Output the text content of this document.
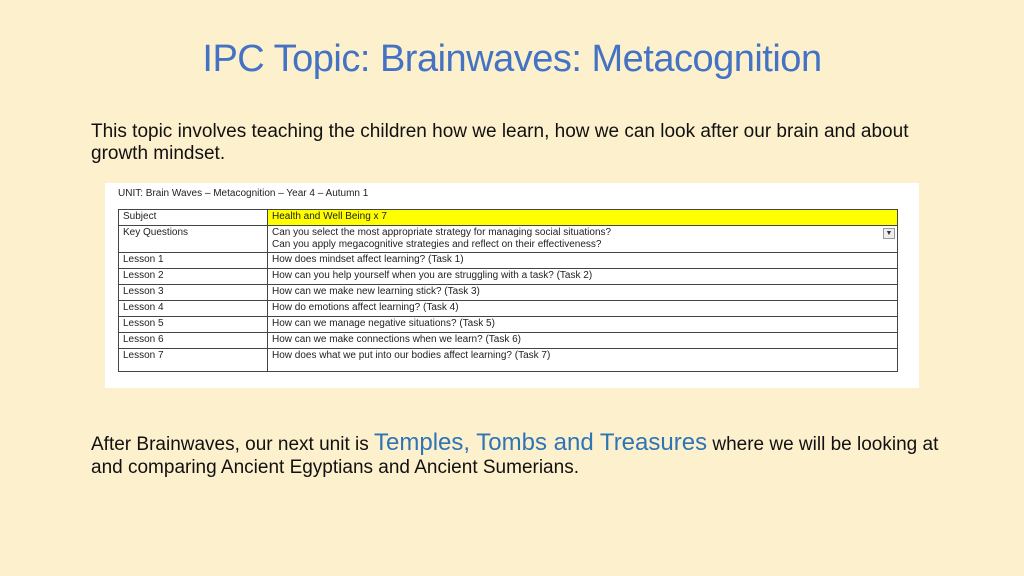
IPC Topic: Brainwaves: Metacognition
This topic involves teaching the children how we learn, how we can look after our brain and about growth mindset.
UNIT: Brain Waves – Metacognition – Year 4 – Autumn 1
Subject	Health and Well Being x 7
Key Questions	Can you select the most appropriate strategy for managing social situations?
Can you apply megacognitive strategies and reflect on their effectiveness?
▼

Lesson 1	How does mindset affect learning? (Task 1)
Lesson 2	How can you help yourself when you are struggling with a task? (Task 2)
Lesson 3	How can we make new learning stick? (Task 3)
Lesson 4	How do emotions affect learning? (Task 4)
Lesson 5	How can we manage negative situations? (Task 5)
Lesson 6	How can we make connections when we learn? (Task 6)
Lesson 7	How does what we put into our bodies affect learning? (Task 7)
After Brainwaves, our next unit is Temples, Tombs and Treasures where we will be looking at and comparing Ancient Egyptians and Ancient Sumerians.
